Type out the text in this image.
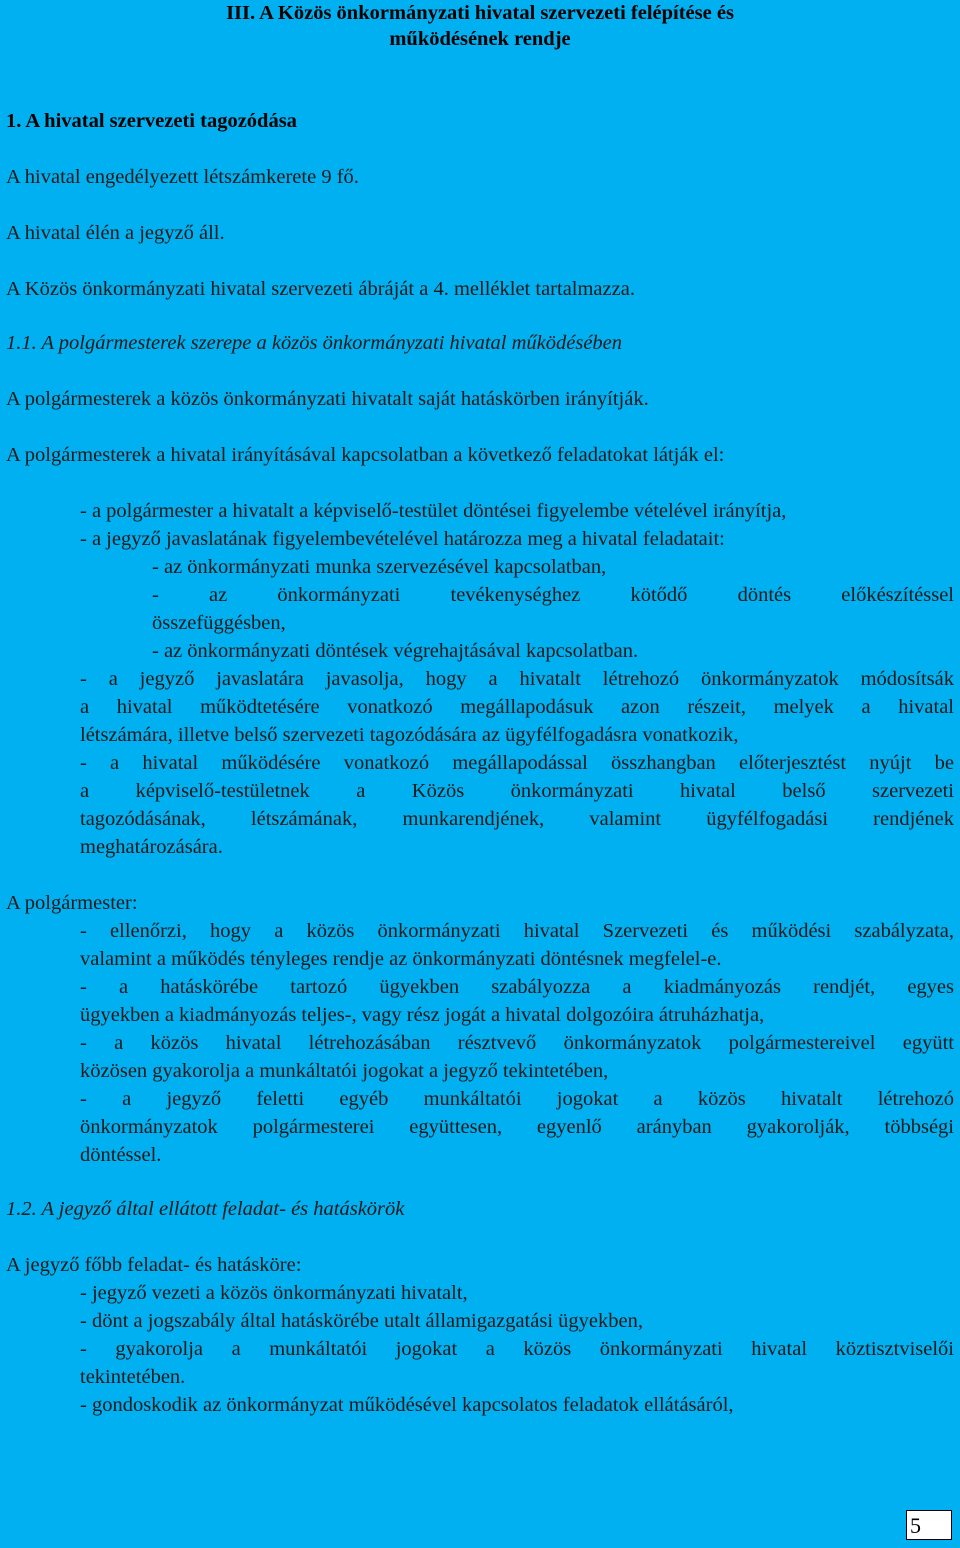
III. A Közös önkormányzati hivatal szervezeti felépítése és
működésének rendje
1. A hivatal szervezeti tagozódása
A hivatal engedélyezett létszámkerete 9 fő.
A hivatal élén a jegyző áll.
A Közös önkormányzati hivatal szervezeti ábráját a 4. melléklet tartalmazza.
1.1. A polgármesterek szerepe a közös önkormányzati hivatal működésében
A polgármesterek a közös önkormányzati hivatalt saját hatáskörben irányítják.
A polgármesterek a hivatal irányításával kapcsolatban a következő feladatokat látják el:
- a polgármester a hivatalt a képviselő-testület döntései figyelembe vételével irányítja,
- a jegyző javaslatának figyelembevételével határozza meg a hivatal feladatait:
- az önkormányzati munka szervezésével kapcsolatban,
- az önkormányzati tevékenységhez kötődő döntés előkészítéssel
összefüggésben,
- az önkormányzati döntések végrehajtásával kapcsolatban.
- a jegyző javaslatára javasolja, hogy a hivatalt létrehozó önkormányzatok módosítsák
a hivatal működtetésére vonatkozó megállapodásuk azon részeit, melyek a hivatal
létszámára, illetve belső szervezeti tagozódására az ügyfélfogadásra vonatkozik,
- a hivatal működésére vonatkozó megállapodással összhangban előterjesztést nyújt be
a képviselő-testületnek a Közös önkormányzati hivatal belső szervezeti
tagozódásának, létszámának, munkarendjének, valamint ügyfélfogadási rendjének
meghatározására.
A polgármester:
- ellenőrzi, hogy a közös önkormányzati hivatal Szervezeti és működési szabályzata,
valamint a működés tényleges rendje az önkormányzati döntésnek megfelel-e.
- a hatáskörébe tartozó ügyekben szabályozza a kiadmányozás rendjét, egyes
ügyekben a kiadmányozás teljes-, vagy rész jogát a hivatal dolgozóira átruházhatja,
- a közös hivatal létrehozásában résztvevő önkormányzatok polgármestereivel együtt
közösen gyakorolja a munkáltatói jogokat a jegyző tekintetében,
- a jegyző feletti egyéb munkáltatói jogokat a közös hivatalt létrehozó
önkormányzatok polgármesterei együttesen, egyenlő arányban gyakorolják, többségi
döntéssel.
1.2. A jegyző által ellátott feladat- és hatáskörök
A jegyző főbb feladat- és hatásköre:
- jegyző vezeti a közös önkormányzati hivatalt,
- dönt a jogszabály által hatáskörébe utalt államigazgatási ügyekben,
- gyakorolja a munkáltatói jogokat a közös önkormányzati hivatal köztisztviselői
tekintetében.
- gondoskodik az önkormányzat működésével kapcsolatos feladatok ellátásáról,
5
